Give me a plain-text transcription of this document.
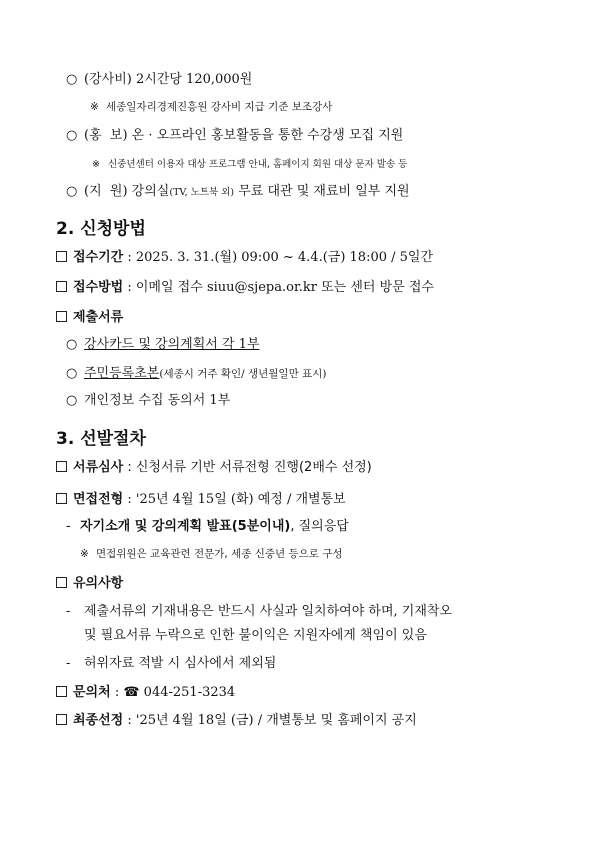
○ (강사비) 2시간당 120,000원
※ 세종일자리경제진흥원 강사비 지급 기준 보조강사
○ (홍  보) 온 · 오프라인 홍보활동을 통한 수강생 모집 지원
※ 신중년센터 이용자 대상 프로그램 안내, 홈페이지 회원 대상 문자 발송 등
○ (지  원) 강의실(TV, 노트북 외) 무료 대관 및 재료비 일부 지원
2. 신청방법
접수기간 : 2025. 3. 31.(월) 09:00 ~ 4.4.(금) 18:00 / 5일간
접수방법 : 이메일 접수 siuu@sjepa.or.kr 또는 센터 방문 접수
제출서류
○ 강사카드 및 강의계획서 각 1부
○ 주민등록초본(세종시 거주 확인/ 생년월일만 표시)
○ 개인정보 수집 동의서 1부
3. 선발절차
서류심사 : 신청서류 기반 서류전형 진행(2배수 선정)
면접전형 : '25년 4월 15일 (화) 예정 / 개별통보
- 자기소개 및 강의계획 발표(5분이내), 질의응답
※ 면접위원은 교육관련 전문가, 세종 신중년 등으로 구성
유의사항
- 제출서류의 기재내용은 반드시 사실과 일치하여야 하며, 기재착오
및 필요서류 누락으로 인한 불이익은 지원자에게 책임이 있음
- 허위자료 적발 시 심사에서 제외됨
문의처 : ☎ 044-251-3234
최종선정 : '25년 4월 18일 (금) / 개별통보 및 홈페이지 공지
